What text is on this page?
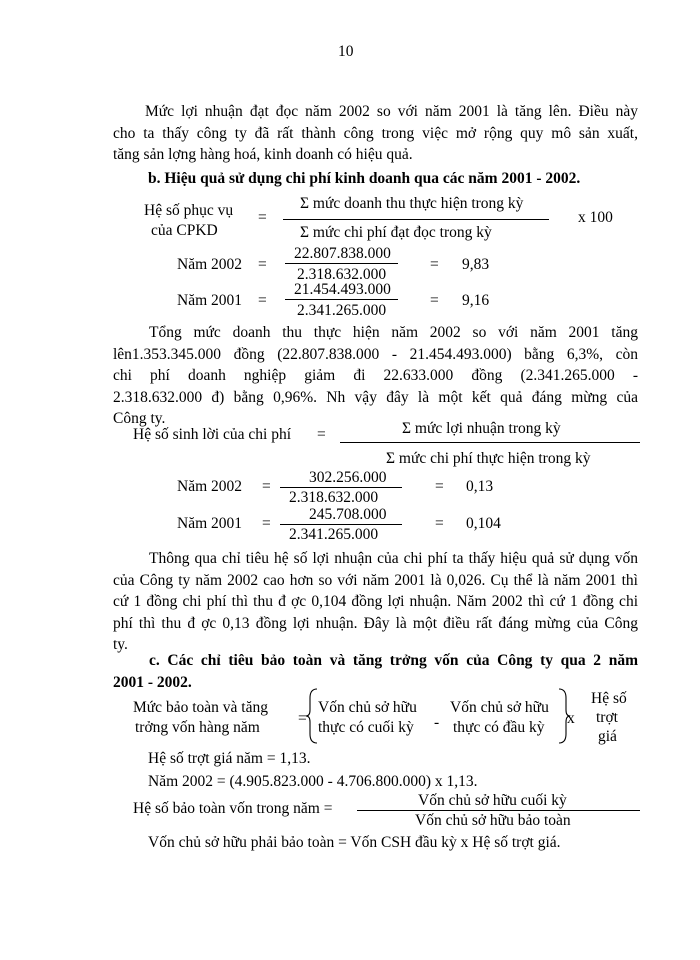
10
Mức lợi nhuận đạt đọc năm 2002 so với năm 2001 là tăng lên. Điều này
cho ta thấy công ty đã rất thành công trong việc mở rộng quy mô sản xuất,
tăng sản lợng hàng hoá, kinh doanh có hiệu quả.
b. Hiệu quả sử dụng chi phí kinh doanh qua các năm 2001 - 2002.
Hệ số phục vụ
của CPKD
=
Σ mức doanh thu thực hiện trong kỳ
Σ mức chi phí đạt đọc trong kỳ
x 100
Năm 2002 =
22.807.838.000
2.318.632.000
= 9,83
Năm 2001 =
21.454.493.000
2.341.265.000
= 9,16
Tổng mức doanh thu thực hiện năm 2002 so với năm 2001 tăng
lên1.353.345.000 đồng (22.807.838.000 - 21.454.493.000) bằng 6,3%, còn
chi phí doanh nghiệp giảm đi 22.633.000 đồng (2.341.265.000 -
2.318.632.000 đ) bằng 0,96%. Nh vậy đây là một kết quả đáng mừng của
Công ty.
Hệ số sinh lời của chi phí =	Σ mức lợi nhuận trong kỳ
Σ mức chi phí thực hiện trong kỳ
Năm 2002 =
302.256.000
2.318.632.000
= 0,13
Năm 2001 =
245.708.000
2.341.265.000
= 0,104
Thông qua chỉ tiêu hệ số lợi nhuận của chi phí ta thấy hiệu quả sử dụng vốn
của Công ty năm 2002 cao hơn so với năm 2001 là 0,026. Cụ thể là năm 2001 thì
cứ 1 đồng chi phí thì thu đ ợc 0,104 đồng lợi nhuận. Năm 2002 thì cứ 1 đồng chi
phí thì thu đ ợc 0,13 đồng lợi nhuận. Đây là một điều rất đáng mừng của Công
ty.
c. Các chỉ tiêu bảo toàn và tăng trởng vốn của Công ty qua 2 năm
2001 - 2002.
Mức bảo toàn và tăng
trởng vốn hàng năm
=
Vốn chủ sở hữu
thực có cuối kỳ -
Vốn chủ sở hữu
thực có đầu kỳ
x
Hệ số
trợt
giá
Hệ số trợt giá năm = 1,13.
Năm 2002 = (4.905.823.000 - 4.706.800.000) x 1,13.
Hệ số bảo toàn vốn trong năm =	Vốn chủ sở hữu cuối kỳ
Vốn chủ sở hữu bảo toàn
Vốn chủ sở hữu phải bảo toàn = Vốn CSH đầu kỳ x Hệ số trợt giá.
